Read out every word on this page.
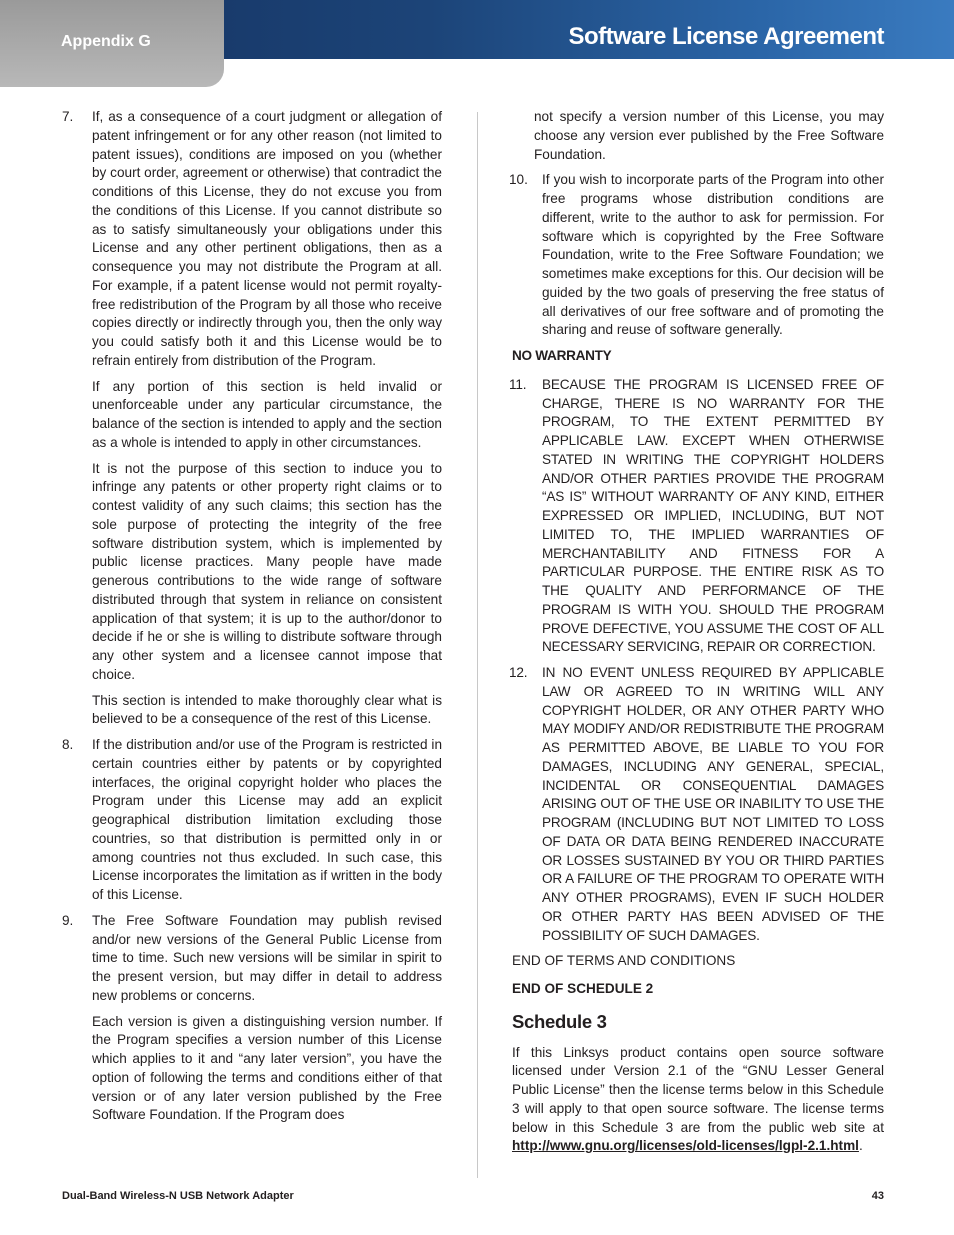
Appendix G	Software License Agreement
7.	If, as a consequence of a court judgment or allegation of patent infringement or for any other reason (not limited to patent issues), conditions are imposed on you (whether by court order, agreement or otherwise) that contradict the conditions of this License, they do not excuse you from the conditions of this License. If you cannot distribute so as to satisfy simultaneously your obligations under this License and any other pertinent obligations, then as a consequence you may not distribute the Program at all. For example, if a patent license would not permit royalty-free redistribution of the Program by all those who receive copies directly or indirectly through you, then the only way you could satisfy both it and this License would be to refrain entirely from distribution of the Program.

If any portion of this section is held invalid or unenforceable under any particular circumstance, the balance of the section is intended to apply and the section as a whole is intended to apply in other circumstances.

It is not the purpose of this section to induce you to infringe any patents or other property right claims or to contest validity of any such claims; this section has the sole purpose of protecting the integrity of the free software distribution system, which is implemented by public license practices. Many people have made generous contributions to the wide range of software distributed through that system in reliance on consistent application of that system; it is up to the author/donor to decide if he or she is willing to distribute software through any other system and a licensee cannot impose that choice.

This section is intended to make thoroughly clear what is believed to be a consequence of the rest of this License.

8.	If the distribution and/or use of the Program is restricted in certain countries either by patents or by copyrighted interfaces, the original copyright holder who places the Program under this License may add an explicit geographical distribution limitation excluding those countries, so that distribution is permitted only in or among countries not thus excluded. In such case, this License incorporates the limitation as if written in the body of this License.

9.	The Free Software Foundation may publish revised and/or new versions of the General Public License from time to time. Such new versions will be similar in spirit to the present version, but may differ in detail to address new problems or concerns.

Each version is given a distinguishing version number. If the Program specifies a version number of this License which applies to it and “any later version”, you have the option of following the terms and conditions either of that version or of any later version published by the Free Software Foundation. If the Program does

not specify a version number of this License, you may choose any version ever published by the Free Software Foundation.
10.	If you wish to incorporate parts of the Program into other free programs whose distribution conditions are different, write to the author to ask for permission. For software which is copyrighted by the Free Software Foundation, write to the Free Software Foundation; we sometimes make exceptions for this. Our decision will be guided by the two goals of preserving the free status of all derivatives of our free software and of promoting the sharing and reuse of software generally.

NO WARRANTY
11.	BECAUSE THE PROGRAM IS LICENSED FREE OF CHARGE, THERE IS NO WARRANTY FOR THE PROGRAM, TO THE EXTENT PERMITTED BY APPLICABLE LAW. EXCEPT WHEN OTHERWISE STATED IN WRITING THE COPYRIGHT HOLDERS AND/OR OTHER PARTIES PROVIDE THE PROGRAM “AS IS” WITHOUT WARRANTY OF ANY KIND, EITHER EXPRESSED OR IMPLIED, INCLUDING, BUT NOT LIMITED TO, THE IMPLIED WARRANTIES OF MERCHANTABILITY AND FITNESS FOR A PARTICULAR PURPOSE. THE ENTIRE RISK AS TO THE QUALITY AND PERFORMANCE OF THE PROGRAM IS WITH YOU. SHOULD THE PROGRAM PROVE DEFECTIVE, YOU ASSUME THE COST OF ALL NECESSARY SERVICING, REPAIR OR CORRECTION.

12.	IN NO EVENT UNLESS REQUIRED BY APPLICABLE LAW OR AGREED TO IN WRITING WILL ANY COPYRIGHT HOLDER, OR ANY OTHER PARTY WHO MAY MODIFY AND/OR REDISTRIBUTE THE PROGRAM AS PERMITTED ABOVE, BE LIABLE TO YOU FOR DAMAGES, INCLUDING ANY GENERAL, SPECIAL, INCIDENTAL OR CONSEQUENTIAL DAMAGES ARISING OUT OF THE USE OR INABILITY TO USE THE PROGRAM (INCLUDING BUT NOT LIMITED TO LOSS OF DATA OR DATA BEING RENDERED INACCURATE OR LOSSES SUSTAINED BY YOU OR THIRD PARTIES OR A FAILURE OF THE PROGRAM TO OPERATE WITH ANY OTHER PROGRAMS), EVEN IF SUCH HOLDER OR OTHER PARTY HAS BEEN ADVISED OF THE POSSIBILITY OF SUCH DAMAGES.

END OF TERMS AND CONDITIONS
END OF SCHEDULE 2
Schedule 3
If this Linksys product contains open source software licensed under Version 2.1 of the “GNU Lesser General Public License” then the license terms below in this Schedule 3 will apply to that open source software. The license terms below in this Schedule 3 are from the public web site at http://www.gnu.org/licenses/old-licenses/lgpl-2.1.html.
Dual-Band Wireless-N USB Network Adapter	43
